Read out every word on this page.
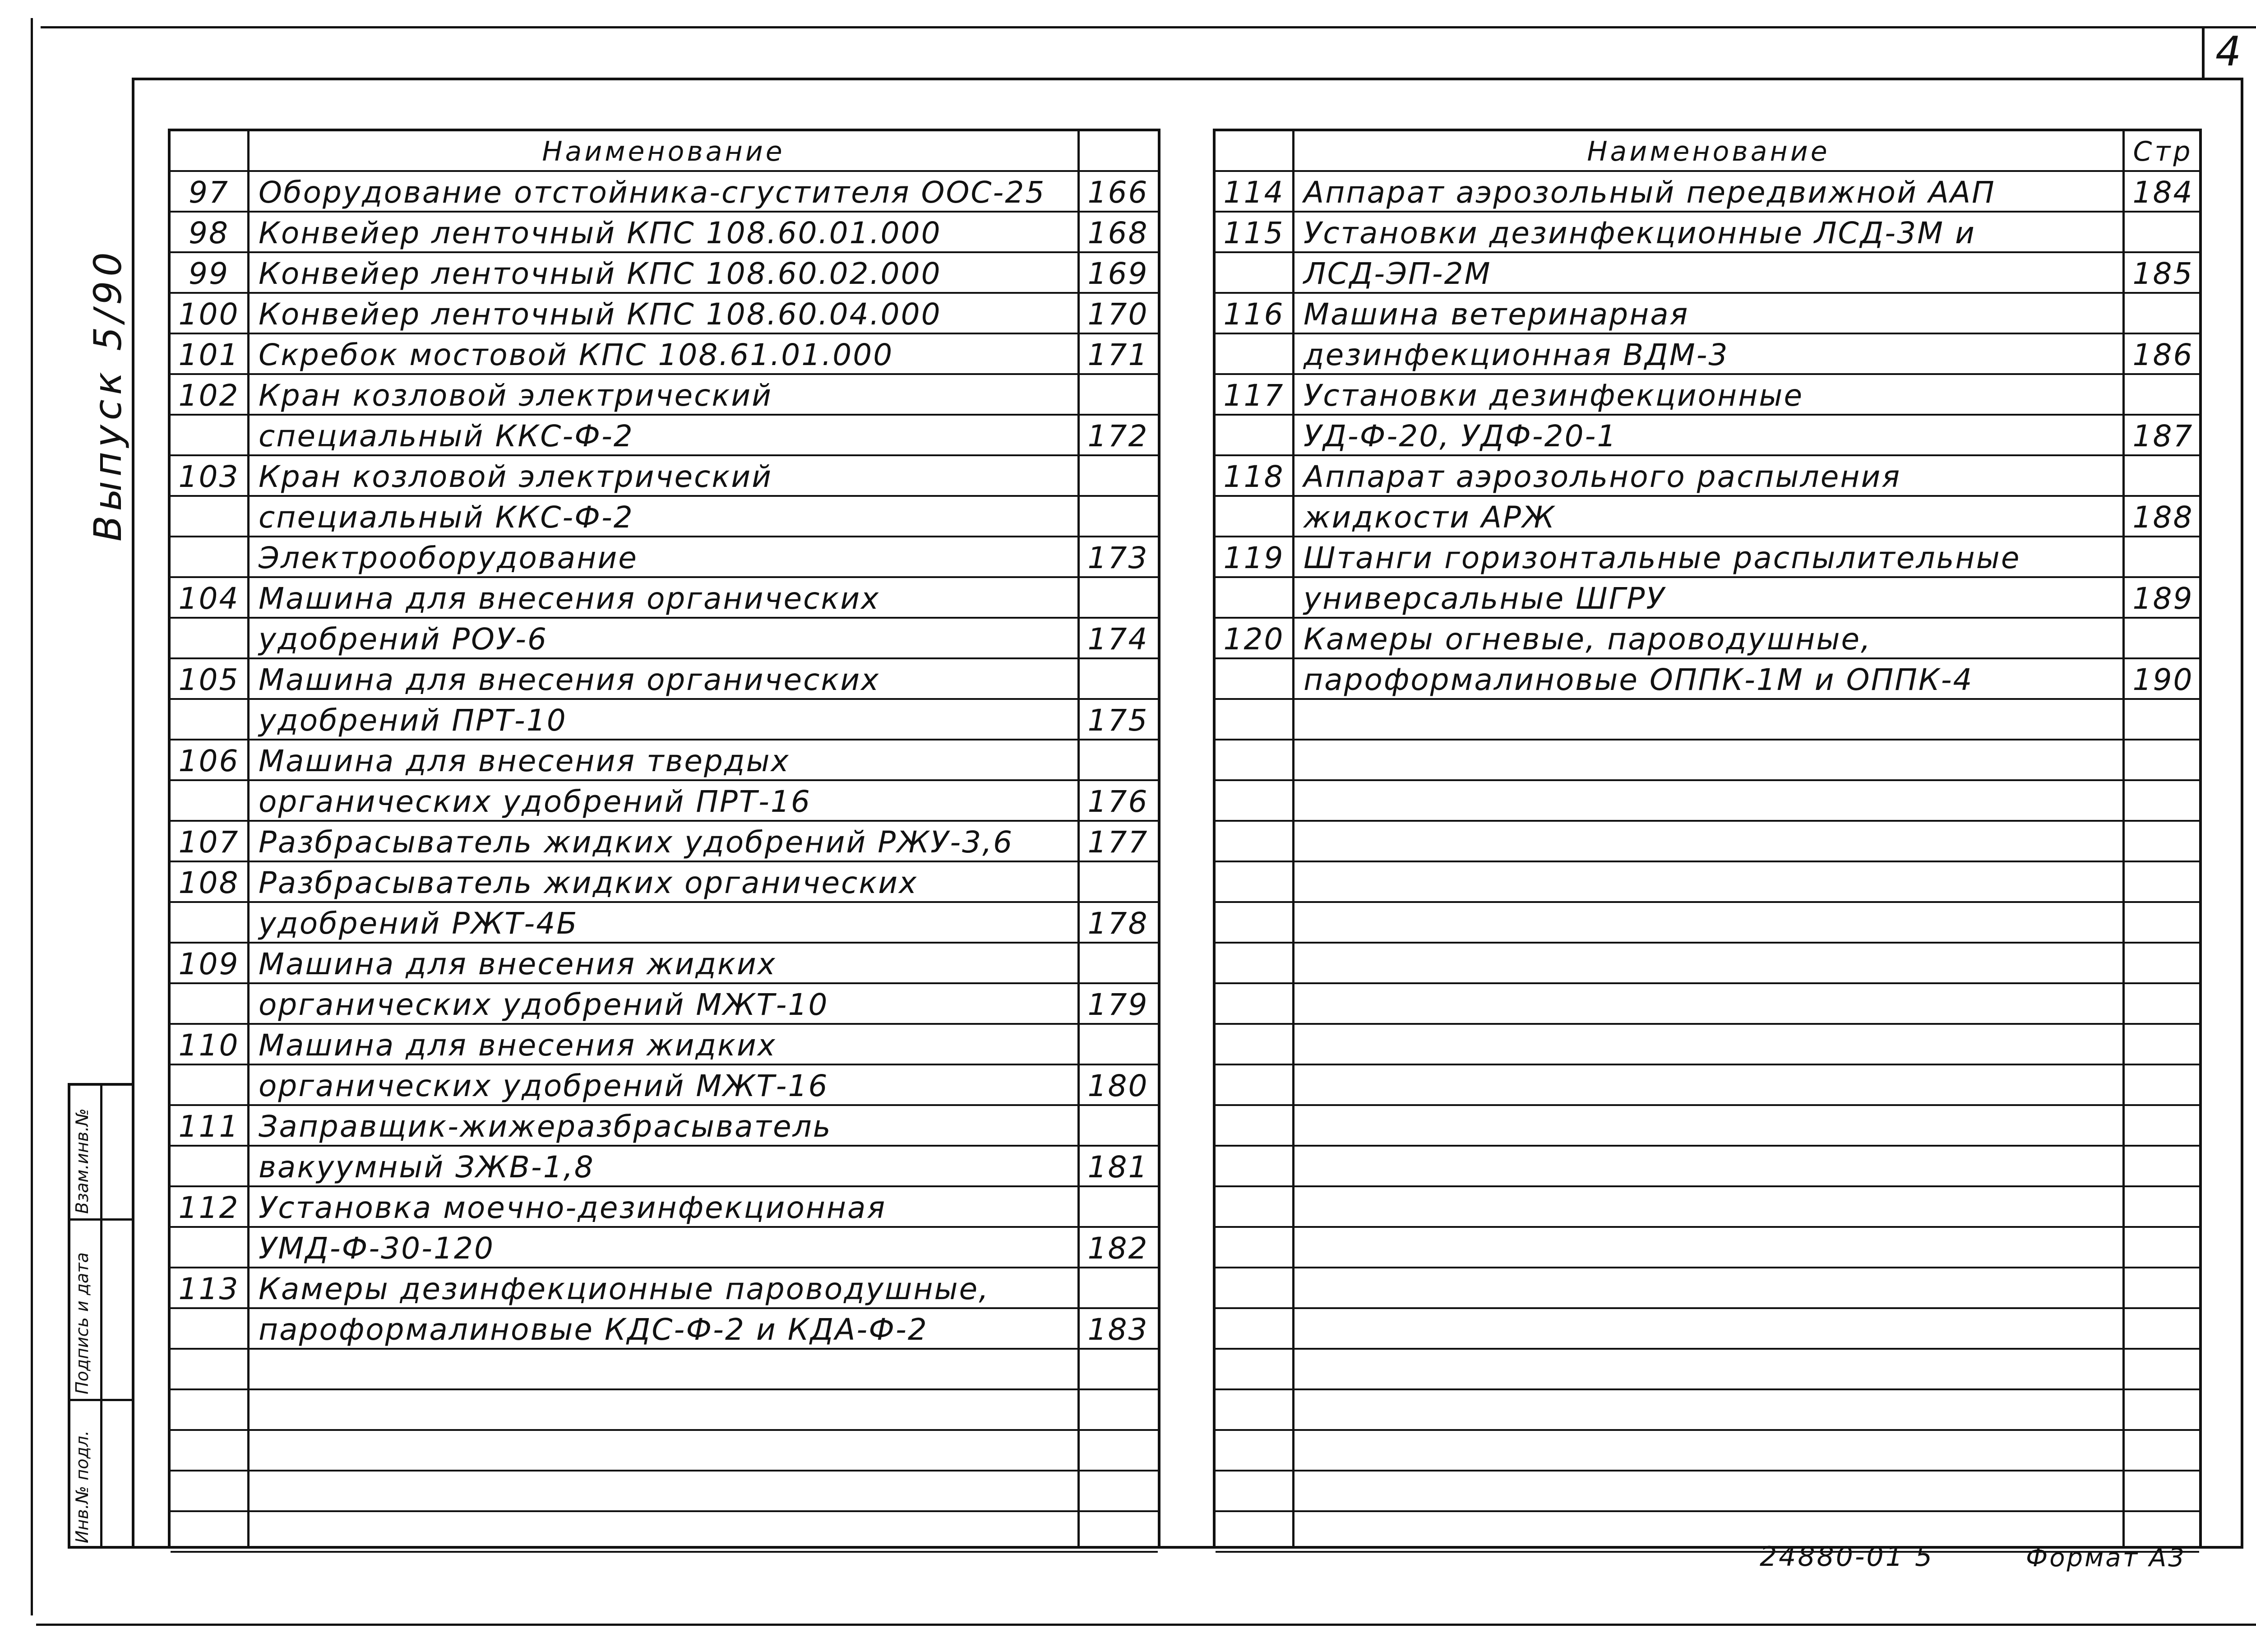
4
Выпуск 5/90
Инв.№ подл.
Подпись и дата
Взам.инв.№
Наименование
97 Оборудование отстойника-сгустителя ООС-25 166
98 Конвейер ленточный КПС 108.60.01.000	168
99 Конвейер ленточный КПС 108.60.02.000	169
100 Конвейер ленточный КПС 108.60.04.000	170
101 Скребок мостовой КПС 108.61.01.000	171
102 Кран козловой электрический
специальный ККС-Ф-2	172
103 Кран козловой электрический
специальный ККС-Ф-2
Электрооборудование	173
104 Машина для внесения органических
удобрений РОУ-6	174
105 Машина для внесения органических
удобрений ПРТ-10	175
106 Машина для внесения твердых
органических удобрений ПРТ-16	176
107 Разбрасыватель жидких удобрений РЖУ-3,6 177
108 Разбрасыватель жидких органических
удобрений РЖТ-4Б	178
109 Машина для внесения жидких
органических удобрений МЖТ-10	179
110 Машина для внесения жидких
органических удобрений МЖТ-16	180
111 Заправщик-жижеразбрасыватель
вакуумный ЗЖВ-1,8	181
112 Установка моечно-дезинфекционная
УМД-Ф-30-120	182
113 Камеры дезинфекционные пароводушные,
пароформалиновые КДС-Ф-2 и КДА-Ф-2	183
Наименование	Стр
114 Аппарат аэрозольный передвижной ААП	184
115 Установки дезинфекционные ЛСД-3М и
ЛСД-ЭП-2М	185
116 Машина ветеринарная
дезинфекционная ВДМ-3	186
117 Установки дезинфекционные
УД-Ф-20, УДФ-20-1	187
118 Аппарат аэрозольного распыления
жидкости АРЖ	188
119 Штанги горизонтальные распылительные
универсальные ШГРУ	189
120 Камеры огневые, пароводушные,
пароформалиновые ОППК-1М и ОППК-4	190
24880-01 5	Формат А3
